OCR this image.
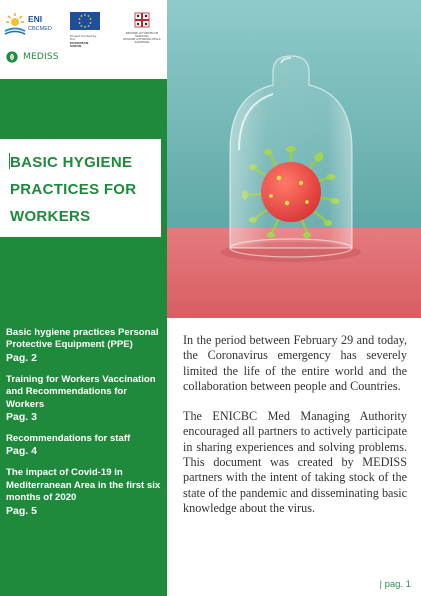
ENI
CBCMED
Project funded by the
EUROPEAN UNION
REGIONE AUTONOMA DE SARDIGNA
REGIONE AUTONOMA DELLA SARDEGNA
MEDISS
BASIC HYGIENE
PRACTICES FOR
WORKERS
Basic hygiene practices Personal Protective Equipment (PPE)
Pag. 2
Training for Workers Vaccination and Recommendations for Workers
Pag. 3
Recommendations for staff
Pag. 4
The impact of Covid-19 in Mediterranean Area in the first six months of 2020
Pag. 5

In the period between February 29 and today, the Coronavirus emergency has severely limited the life of the entire world and the collaboration between people and Countries.

The ENICBC Med Managing Authority encouraged all partners to actively participate in sharing experiences and solving problems. This document was created by MEDISS partners with the intent of taking stock of the state of the pandemic and disseminating basic knowledge about the virus.

| pag. 1
